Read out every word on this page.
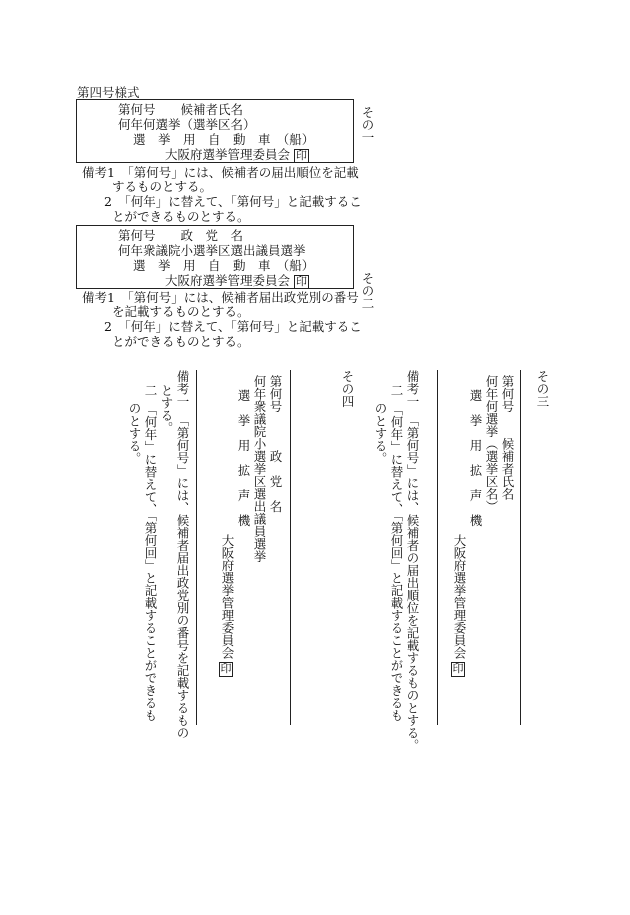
第四号様式
第何号　　候補者氏名
何年何選挙（選挙区名）
選　挙　用　自　動　車　（船）
大阪府選挙管理委員会 印
その一
備考1　「第何号」には、候補者の届出順位を記載
するものとする。
2　「何年」に替えて、「第何号」と記載するこ
とができるものとする。
第何号　　政　党　名
何年衆議院小選挙区選出議員選挙
選　挙　用　自　動　車　（船）
大阪府選挙管理委員会 印	その二
備考1　「第何号」には、候補者届出政党別の番号
を記載するものとする。
2　「何年」に替えて、「第何号」と記載するこ
とができるものとする。
その三
第何号　　候補者氏名
何年何選挙（選挙区名）
選　挙　用　拡　声　機
大阪府選挙管理委員会
印
備考一　「第何号」には、候補者の届出順位を記載するものとする。
二　「何年」に替えて、「第何回」と記載することができるも
のとする。
その四
第何号　　　政　党　名
何年衆議院小選挙区選出議員選挙
選　挙　用　拡　声　機
大阪府選挙管理委員会
印
備考一　「第何号」には、候補者届出政党別の番号を記載するもの
とする。
二　「何年」に替えて、「第何回」と記載することができるも
のとする。
